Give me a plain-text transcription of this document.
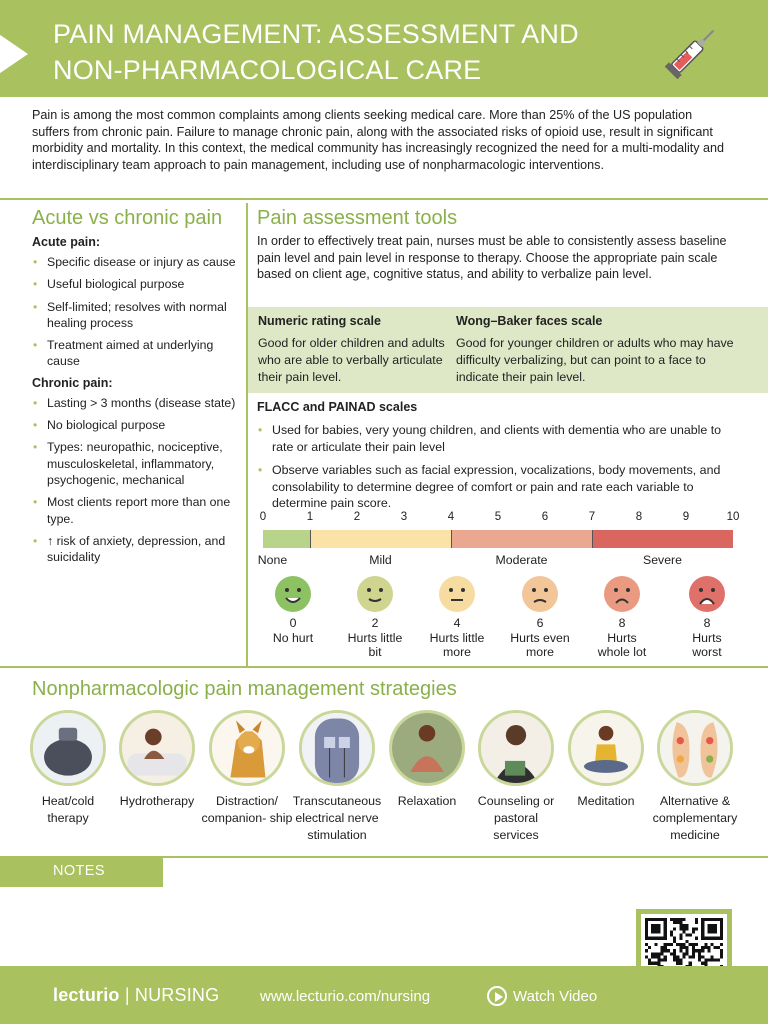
PAIN MANAGEMENT: ASSESSMENT AND NON-PHARMACOLOGICAL CARE

Pain is among the most common complaints among clients seeking medical care. More than 25% of the US population suffers from chronic pain. Failure to manage chronic pain, along with the associated risks of opioid use, result in significant morbidity and mortality. In this context, the medical community has increasingly recognized the need for a multi-modality and interdisciplinary team approach to pain management, including use of nonpharmacologic interventions.

Acute vs chronic pain
Acute pain:
• Specific disease or injury as cause
• Useful biological purpose
• Self-limited; resolves with normal healing process
• Treatment aimed at underlying cause
Chronic pain:
• Lasting > 3 months (disease state)
• No biological purpose
• Types: neuropathic, nociceptive, musculoskeletal, inflammatory, psychogenic, mechanical
• Most clients report more than one type.
• ↑ risk of anxiety, depression, and suicidality
Pain assessment tools

In order to effectively treat pain, nurses must be able to consistently assess baseline pain level and pain level in response to therapy. Choose the appropriate pain scale based on client age, cognitive status, and ability to verbalize pain level.

Numeric rating scale
Good for older children and adults who are able to verbally articulate their pain level.
Wong–Baker faces scale
Good for younger children or adults who may have difficulty verbalizing, but can point to a face to indicate their pain level.
FLACC and PAINAD scales
• Used for babies, very young children, and clients with dementia who are unable to rate or articulate their pain level
• Observe variables such as facial expression, vocalizations, body movements, and consolability to determine degree of comfort or pain and rate each variable to determine pain score.
0	1	2	3	4	5	6	7	8	9	10
None	Mild	Moderate	Severe
0
No hurt
2
Hurts little bit
4
Hurts little more
6
Hurts even more
8
Hurts whole lot
8
Hurts worst
Nonpharmacologic pain management strategies
Heat/cold therapy
Hydrotherapy	Distraction/ companion- ship
Transcutaneous electrical nerve stimulation
Relaxation	Counseling or pastoral services
Meditation	Alternative & complementary medicine
NOTES
lecturio | NURSING	www.lecturio.com/nursing	Watch Video
